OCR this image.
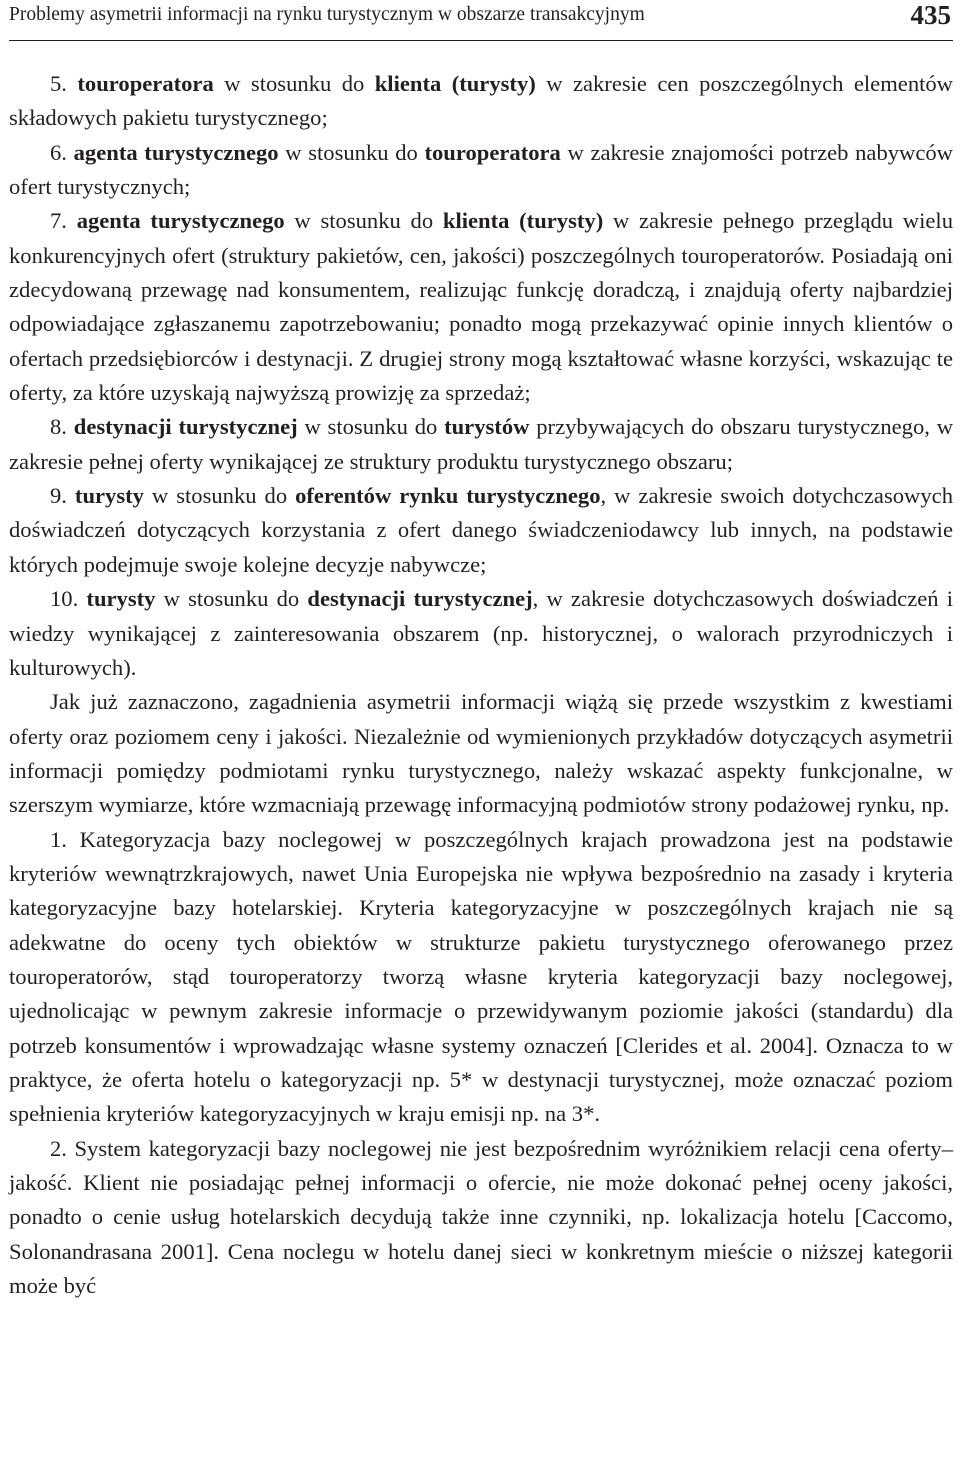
Problemy asymetrii informacji na rynku turystycznym w obszarze transakcyjnym	435

5. touroperatora w stosunku do klienta (turysty) w zakresie cen poszczególnych elementów składowych pakietu turystycznego;

6. agenta turystycznego w stosunku do touroperatora w zakresie znajomości potrzeb nabywców ofert turystycznych;

7. agenta turystycznego w stosunku do klienta (turysty) w zakresie pełnego przeglądu wielu konkurencyjnych ofert (struktury pakietów, cen, jakości) poszczególnych touroperatorów. Posiadają oni zdecydowaną przewagę nad konsumentem, realizując funkcję doradczą, i znajdują oferty najbardziej odpowiadające zgłaszanemu zapotrzebowaniu; ponadto mogą przekazywać opinie innych klientów o ofertach przedsiębiorców i destynacji. Z drugiej strony mogą kształtować własne korzyści, wskazując te oferty, za które uzyskają najwyższą prowizję za sprzedaż;

8. destynacji turystycznej w stosunku do turystów przybywających do obszaru turystycznego, w zakresie pełnej oferty wynikającej ze struktury produktu turystycznego obszaru;

9. turysty w stosunku do oferentów rynku turystycznego, w zakresie swoich dotychczasowych doświadczeń dotyczących korzystania z ofert danego świadczeniodawcy lub innych, na podstawie których podejmuje swoje kolejne decyzje nabywcze;

10. turysty w stosunku do destynacji turystycznej, w zakresie dotychczasowych doświadczeń i wiedzy wynikającej z zainteresowania obszarem (np. historycznej, o walorach przyrodniczych i kulturowych).

Jak już zaznaczono, zagadnienia asymetrii informacji wiążą się przede wszystkim z kwestiami oferty oraz poziomem ceny i jakości. Niezależnie od wymienionych przykładów dotyczących asymetrii informacji pomiędzy podmiotami rynku turystycznego, należy wskazać aspekty funkcjonalne, w szerszym wymiarze, które wzmacniają przewagę informacyjną podmiotów strony podażowej rynku, np.

1. Kategoryzacja bazy noclegowej w poszczególnych krajach prowadzona jest na podstawie kryteriów wewnątrzkrajowych, nawet Unia Europejska nie wpływa bezpośrednio na zasady i kryteria kategoryzacyjne bazy hotelarskiej. Kryteria kategoryzacyjne w poszczególnych krajach nie są adekwatne do oceny tych obiektów w strukturze pakietu turystycznego oferowanego przez touroperatorów, stąd touroperatorzy tworzą własne kryteria kategoryzacji bazy noclegowej, ujednolicając w pewnym zakresie informacje o przewidywanym poziomie jakości (standardu) dla potrzeb konsumentów i wprowadzając własne systemy oznaczeń [Clerides et al. 2004]. Oznacza to w praktyce, że oferta hotelu o kategoryzacji np. 5* w destynacji turystycznej, może oznaczać poziom spełnienia kryteriów kategoryzacyjnych w kraju emisji np. na 3*.

2. System kategoryzacji bazy noclegowej nie jest bezpośrednim wyróżnikiem relacji cena oferty–jakość. Klient nie posiadając pełnej informacji o ofercie, nie może dokonać pełnej oceny jakości, ponadto o cenie usług hotelarskich decydują także inne czynniki, np. lokalizacja hotelu [Caccomo, Solonandrasana 2001]. Cena noclegu w hotelu danej sieci w konkretnym mieście o niższej kategorii może być
